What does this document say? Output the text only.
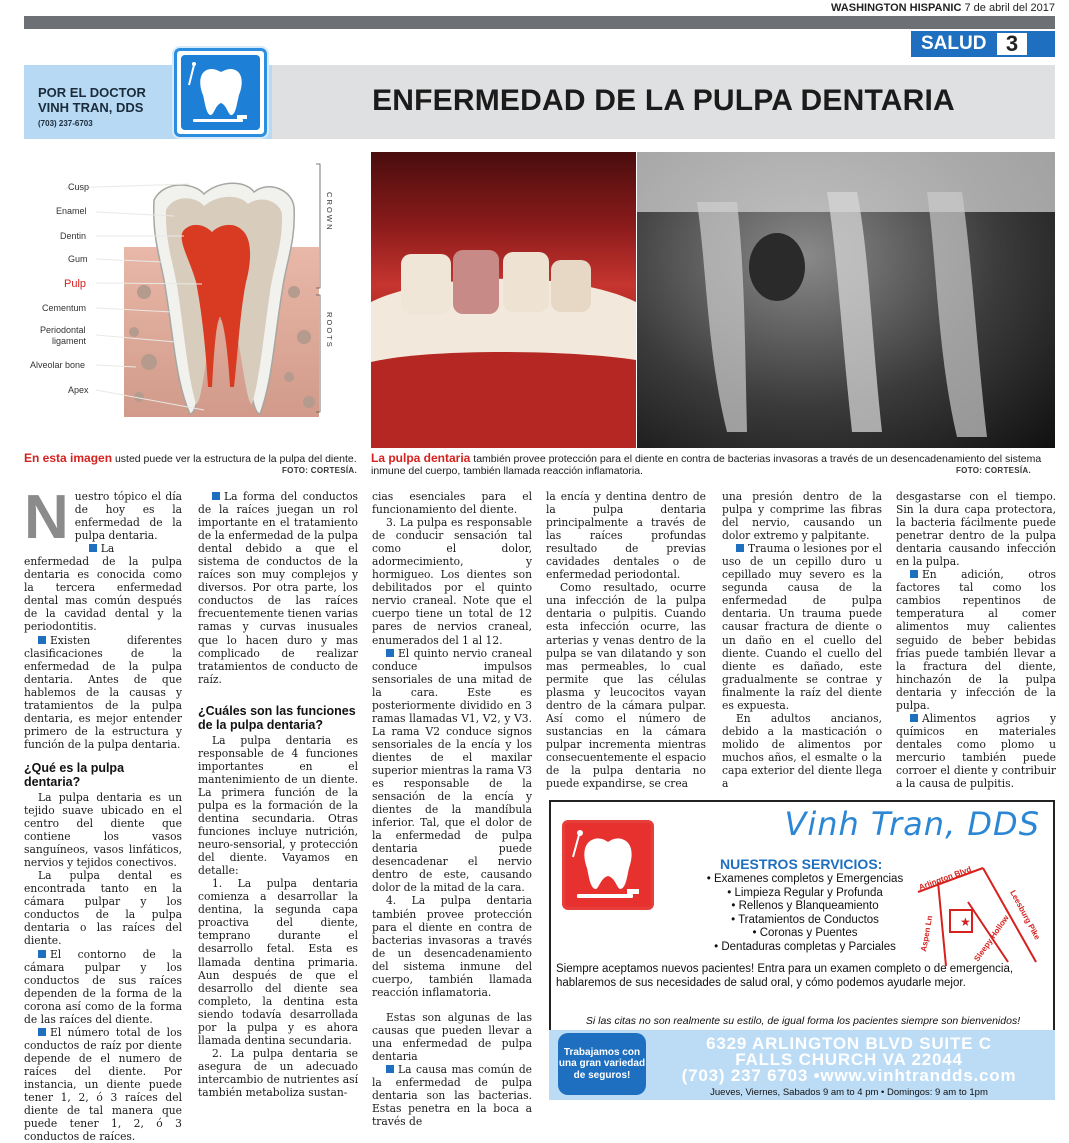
WASHINGTON HISPANIC 7 de abril del 2017
SALUD 3
POR EL DOCTOR
VINH TRAN, DDS
(703) 237-6703
ENFERMEDAD DE LA PULPA DENTARIA
Cusp
Enamel
Dentin
Gum
Pulp
Cementum
Periodontal
ligament
Alveolar bone
Apex
C R O W N
R O O T S
En esta imagen usted puede ver la estructura de la pulpa del diente.
FOTO: CORTESÍA.
La pulpa dentaria también provee protección para el diente en contra de bacterias invasoras a través de un desencadenamiento del sistema inmune del cuerpo, también llamada reacción inflamatoria.	FOTO: CORTESÍA.

Nuestro tópico el día de hoy es la enfermedad de la pulpa dentaria.

La enfermedad de la pulpa dentaria es conocida como la tercera enfermedad dental mas común después de la cavidad dental y la periodontitis.

Existen diferentes clasificaciones de la enfermedad de la pulpa dentaria. Antes de que hablemos de la causas y tratamientos de la pulpa dentaria, es mejor entender primero de la estructura y función de la pulpa dentaria.

¿Qué es la pulpa dentaria?

La pulpa dentaria es un tejido suave ubicado en el centro del diente que contiene los vasos sanguíneos, vasos linfáticos, nervios y tejidos conectivos.

La pulpa dental es encontrada tanto en la cámara pulpar y los conductos de la pulpa dentaria o las raíces del diente.

El contorno de la cámara pulpar y los conductos de sus raíces dependen de la forma de la corona así como de la forma de las raíces del diente.

El número total de los conductos de raíz por diente depende de el numero de raíces del diente. Por instancia, un diente puede tener 1, 2, ó 3 raíces del diente de tal manera que puede tener 1, 2, ó 3 conductos de raíces.

La forma del conductos de la raíces juegan un rol importante en el tratamiento de la enfermedad de la pulpa dental debido a que el sistema de conductos de la raíces son muy complejos y diversos. Por otra parte, los conductos de las raíces frecuentemente tienen varias ramas y curvas inusuales que lo hacen duro y mas complicado de realizar tratamientos de conducto de raíz.

¿Cuáles son las funciones de la pulpa dentaria?

La pulpa dentaria es responsable de 4 funciones importantes en el mantenimiento de un diente. La primera función de la pulpa es la formación de la dentina secundaria. Otras funciones incluye nutrición, neuro-sensorial, y protección del diente. Vayamos en detalle:

1. La pulpa dentaria comienza a desarrollar la dentina, la segunda capa proactiva del diente, temprano durante el desarrollo fetal. Esta es llamada dentina primaria. Aun después de que el desarrollo del diente sea completo, la dentina esta siendo todavía desarrollada por la pulpa y es ahora llamada dentina secundaria.

2. La pulpa dentaria se asegura de un adecuado intercambio de nutrientes así también metaboliza sustan-

cias esenciales para el funcionamiento del diente.

3. La pulpa es responsable de conducir sensación tal como el dolor, adormecimiento, y hormigueo. Los dientes son debilitados por el quinto nervio craneal. Note que el cuerpo tiene un total de 12 pares de nervios craneal, enumerados del 1 al 12.

El quinto nervio craneal conduce impulsos sensoriales de una mitad de la cara. Este es posteriormente dividido en 3 ramas llamadas V1, V2, y V3. La rama V2 conduce signos sensoriales de la encía y los dientes de el maxilar superior mientras la rama V3 es responsable de la sensación de la encía y dientes de la mandíbula inferior. Tal, que el dolor de la enfermedad de pulpa dentaria puede desencadenar el nervio dentro de este, causando dolor de la mitad de la cara.

4. La pulpa dentaria también provee protección para el diente en contra de bacterias invasoras a través de un desencadenamiento del sistema inmune del cuerpo, también llamada reacción inflamatoria.

Estas son algunas de las causas que pueden llevar a una enfermedad de pulpa dentaria

La causa mas común de la enfermedad de pulpa dentaria son las bacterias. Estas penetra en la boca a través de

la encía y dentina dentro de la pulpa dentaria principalmente a través de las raíces profundas resultado de previas cavidades dentales o de enfermedad periodontal.

Como resultado, ocurre una infección de la pulpa dentaria o pulpitis. Cuando esta infección ocurre, las arterias y venas dentro de la pulpa se van dilatando y son mas permeables, lo cual permite que las células plasma y leucocitos vayan dentro de la cámara pulpar. Así como el número de sustancias en la cámara pulpar incrementa mientras consecuentemente el espacio de la pulpa dentaria no puede expandirse, se crea

una presión dentro de la pulpa y comprime las fibras del nervio, causando un dolor extremo y palpitante.

Trauma o lesiones por el uso de un cepillo duro u cepillado muy severo es la segunda causa de la enfermedad de pulpa dentaria. Un trauma puede causar fractura de diente o un daño en el cuello del diente. Cuando el cuello del diente es dañado, este gradualmente se contrae y finalmente la raíz del diente es expuesta.

En adultos ancianos, debido a la masticación o molido de alimentos por muchos años, el esmalte o la capa exterior del diente llega a

desgastarse con el tiempo. Sin la dura capa protectora, la bacteria fácilmente puede penetrar dentro de la pulpa dentaria causando infección en la pulpa.

En adición, otros factores tal como los cambios repentinos de temperatura al comer alimentos muy calientes seguido de beber bebidas frías puede también llevar a la fractura del diente, hinchazón de la pulpa dentaria y infección de la pulpa.

Alimentos agrios y químicos en materiales dentales como plomo u mercurio también puede corroer el diente y contribuir a la causa de pulpitis.

Vinh Tran, DDS
NUESTROS SERVICIOS:
• Examenes completos y Emergencias
• Limpieza Regular y Profunda
• Rellenos y Blanqueamiento
• Tratamientos de Conductos
• Coronas y Puentes
• Dentaduras completas y Parciales
★
Arlington Blvd
Aspen Ln	Leesburg Pike
Sleepy Hollow
Siempre aceptamos nuevos pacientes! Entra para un examen completo o de emergencia, hablaremos de sus necesidades de salud oral, y cómo podemos ayudarle mejor.
Si las citas no son realmente su estilo, de igual forma los pacientes siempre son bienvenidos!
Trabajamos con una gran variedad de seguros!
6329 ARLINGTON BLVD SUITE C
FALLS CHURCH VA 22044
(703) 237 6703 •www.vinhtrandds.com
Jueves, Viernes, Sabados 9 am to 4 pm • Domingos: 9 am to 1pm
